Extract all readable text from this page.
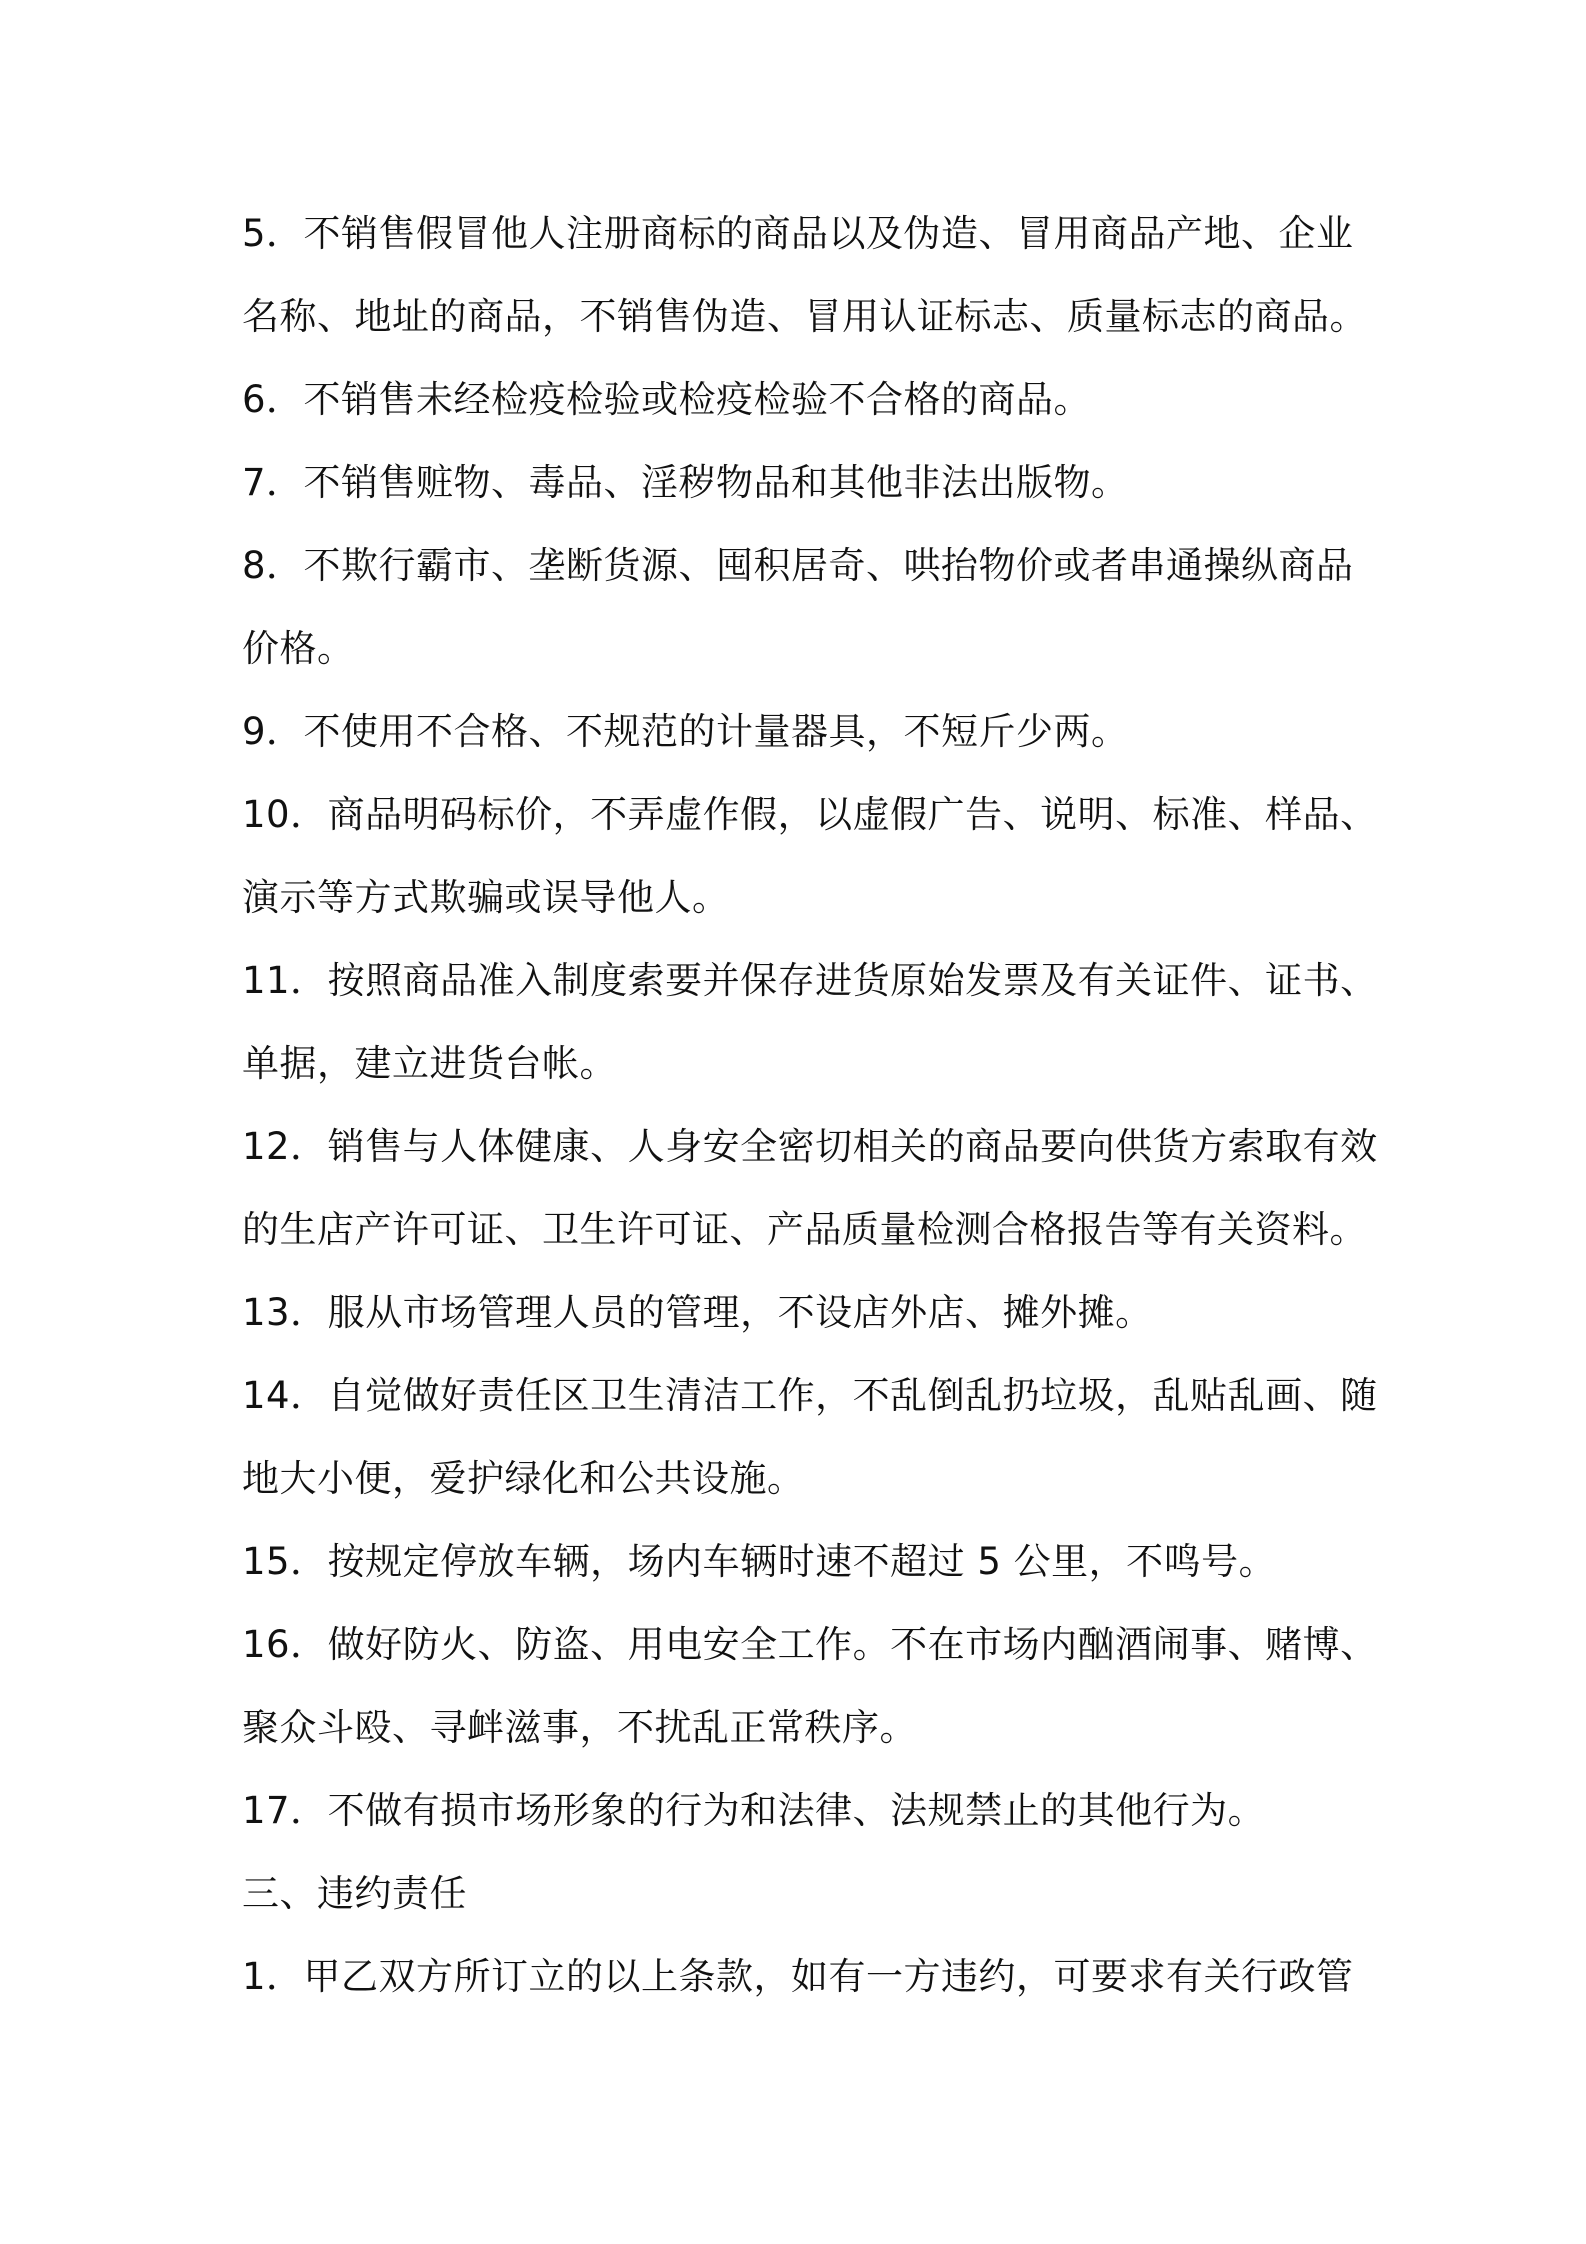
5．不销售假冒他人注册商标的商品以及伪造、冒用商品产地、企业

名称、地址的商品，不销售伪造、冒用认证标志、质量标志的商品。

6．不销售未经检疫检验或检疫检验不合格的商品。

7．不销售赃物、毒品、淫秽物品和其他非法出版物。

8．不欺行霸市、垄断货源、囤积居奇、哄抬物价或者串通操纵商品

价格。

9．不使用不合格、不规范的计量器具，不短斤少两。

10．商品明码标价，不弄虚作假，以虚假广告、说明、标准、样品、

演示等方式欺骗或误导他人。

11．按照商品准入制度索要并保存进货原始发票及有关证件、证书、

单据，建立进货台帐。

12．销售与人体健康、人身安全密切相关的商品要向供货方索取有效

的生店产许可证、卫生许可证、产品质量检测合格报告等有关资料。

13．服从市场管理人员的管理，不设店外店、摊外摊。

14．自觉做好责任区卫生清洁工作，不乱倒乱扔垃圾，乱贴乱画、随

地大小便，爱护绿化和公共设施。

15．按规定停放车辆，场内车辆时速不超过 5 公里，不鸣号。

16．做好防火、防盗、用电安全工作。不在市场内酗酒闹事、赌博、

聚众斗殴、寻衅滋事，不扰乱正常秩序。

17．不做有损市场形象的行为和法律、法规禁止的其他行为。

三、违约责任

1．甲乙双方所订立的以上条款，如有一方违约，可要求有关行政管
